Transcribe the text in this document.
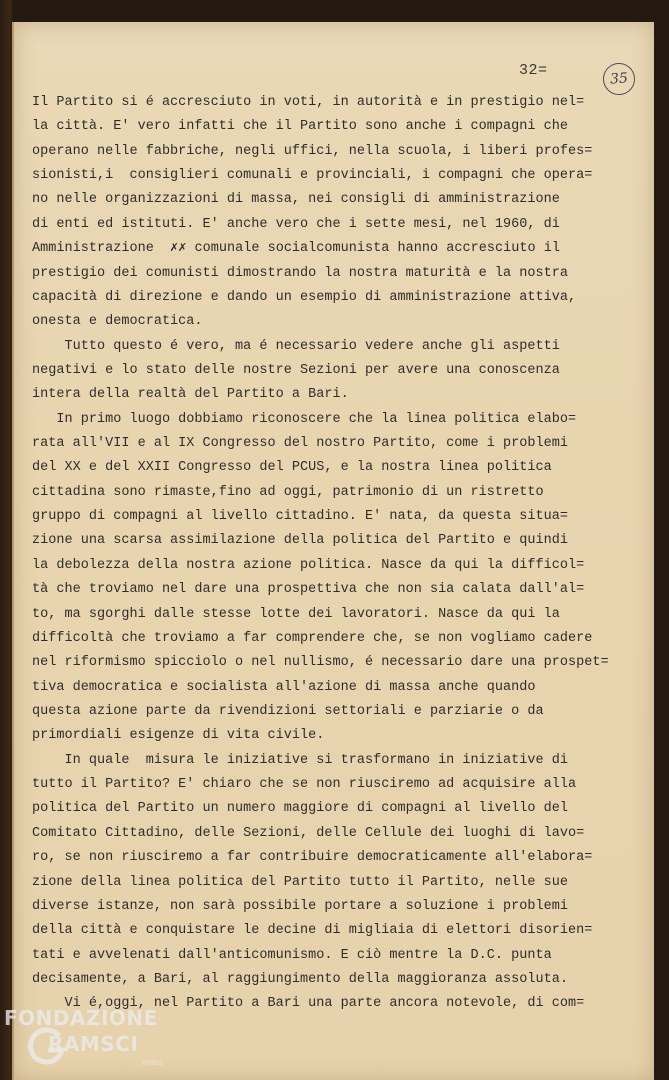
32=	35
Il Partito si é accresciuto in voti, in autorità e in prestigio nel=
la città. E' vero infatti che il Partito sono anche i compagni che
operano nelle fabbriche, negli uffici, nella scuola, i liberi profes=
sionisti,i  consiglieri comunali e provinciali, i compagni che opera=
no nelle organizzazioni di massa, nei consigli di amministrazione
di enti ed istituti. E' anche vero che i sette mesi, nel 1960, di
Amministrazione  ✗✗ comunale socialcomunista hanno accresciuto il
prestigio dei comunisti dimostrando la nostra maturità e la nostra
capacità di direzione e dando un esempio di amministrazione attiva,
onesta e democratica.
Tutto questo é vero, ma é necessario vedere anche gli aspetti
negativi e lo stato delle nostre Sezioni per avere una conoscenza
intera della realtà del Partito a Bari.
In primo luogo dobbiamo riconoscere che la linea politica elabo=
rata all'VII e al IX Congresso del nostro Partito, come i problemi
del XX e del XXII Congresso del PCUS, e la nostra linea politica
cittadina sono rimaste,fino ad oggi, patrimonio di un ristretto
gruppo di compagni al livello cittadino. E' nata, da questa situa=
zione una scarsa assimilazione della politica del Partito e quindi
la debolezza della nostra azione politica. Nasce da qui la difficol=
tà che troviamo nel dare una prospettiva che non sia calata dall'al=
to, ma sgorghi dalle stesse lotte dei lavoratori. Nasce da qui la
difficoltà che troviamo a far comprendere che, se non vogliamo cadere
nel riformismo spicciolo o nel nullismo, é necessario dare una prospet=
tiva democratica e socialista all'azione di massa anche quando
questa azione parte da rivendizioni settoriali e parziarie o da
primordiali esigenze di vita civile.
In quale  misura le iniziative si trasformano in iniziative di
tutto il Partito? E' chiaro che se non riusciremo ad acquisire alla
politica del Partito un numero maggiore di compagni al livello del
Comitato Cittadino, delle Sezioni, delle Cellule dei luoghi di lavo=
ro, se non riusciremo a far contribuire democraticamente all'elabora=
zione della linea politica del Partito tutto il Partito, nelle sue
diverse istanze, non sarà possibile portare a soluzione i problemi
della città e conquistare le decine di migliaia di elettori disorien=
tati e avvelenati dall'anticomunismo. E ciò mentre la D.C. punta
decisamente, a Bari, al raggiungimento della maggioranza assoluta.
Vi é,oggi, nel Partito a Bari una parte ancora notevole, di com=
FONDAZIONE
RAMSCI
onlus
